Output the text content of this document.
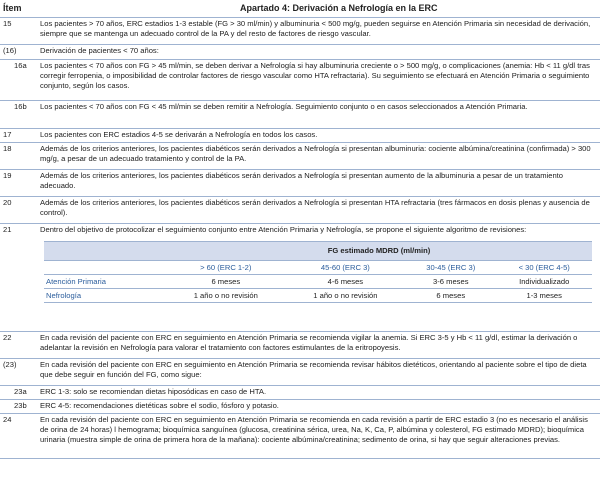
Ítem	Apartado 4: Derivación a Nefrología en la ERC
15	Los pacientes > 70 años, ERC estadios 1-3 estable (FG > 30 ml/min) y albuminuria < 500 mg/g, pueden seguirse en Atención Primaria sin necesidad de derivación, siempre que se mantenga un adecuado control de la PA y del resto de factores de riesgo vascular.
(16)	Derivación de pacientes < 70 años:
16a	Los pacientes < 70 años con FG > 45 ml/min, se deben derivar a Nefrología si hay albuminuria creciente o > 500 mg/g, o complicaciones (anemia: Hb < 11 g/dl tras corregir ferropenia, o imposibilidad de controlar factores de riesgo vascular como HTA refractaria). Su seguimiento se efectuará en Atención Primaria o seguimiento conjunto, según los casos.
16b	Los pacientes < 70 años con FG < 45 ml/min se deben remitir a Nefrología. Seguimiento conjunto o en casos seleccionados a Atención Primaria.
17	Los pacientes con ERC estadios 4-5 se derivarán a Nefrología en todos los casos.
18	Además de los criterios anteriores, los pacientes diabéticos serán derivados a Nefrología si presentan albuminuria: cociente albúmina/creatinina (confirmada) > 300 mg/g, a pesar de un adecuado tratamiento y control de la PA.
19	Además de los criterios anteriores, los pacientes diabéticos serán derivados a Nefrología si presentan aumento de la albuminuria a pesar de un tratamiento adecuado.
20	Además de los criterios anteriores, los pacientes diabéticos serán derivados a Nefrología si presentan HTA refractaria (tres fármacos en dosis plenas y ausencia de control).
21	Dentro del objetivo de protocolizar el seguimiento conjunto entre Atención Primaria y Nefrología, se propone el siguiente algoritmo de revisiones:
	FG estimado MDRD (ml/min)			
	> 60 (ERC 1-2)	45-60 (ERC 3)	30-45 (ERC 3)	< 30 (ERC 4-5)
Atención Primaria	6 meses	4-6 meses	3-6 meses	Individualizado
Nefrología	1 año o no revisión	1 año o no revisión	6 meses	1-3 meses
22	En cada revisión del paciente con ERC en seguimiento en Atención Primaria se recomienda vigilar la anemia. Si ERC 3-5 y Hb < 11 g/dl, estimar la derivación o adelantar la revisión en Nefrología para valorar el tratamiento con factores estimulantes de la eritropoyesis.
(23)	En cada revisión del paciente con ERC en seguimiento en Atención Primaria se recomienda revisar hábitos dietéticos, orientando al paciente sobre el tipo de dieta que debe seguir en función del FG, como sigue:
23a	ERC 1-3: solo se recomiendan dietas hiposódicas en caso de HTA.
23b	ERC 4-5: recomendaciones dietéticas sobre el sodio, fósforo y potasio.
24	En cada revisión del paciente con ERC en seguimiento en Atención Primaria se recomienda en cada revisión a partir de ERC estadio 3 (no es necesario el análisis de orina de 24 horas) l hemograma; bioquímica sanguínea (glucosa, creatinina sérica, urea, Na, K, Ca, P, albúmina y colesterol, FG estimado MDRD); bioquímica urinaria (muestra simple de orina de primera hora de la mañana): cociente albúmina/creatinina; sedimento de orina, si hay que seguir alteraciones previas.
